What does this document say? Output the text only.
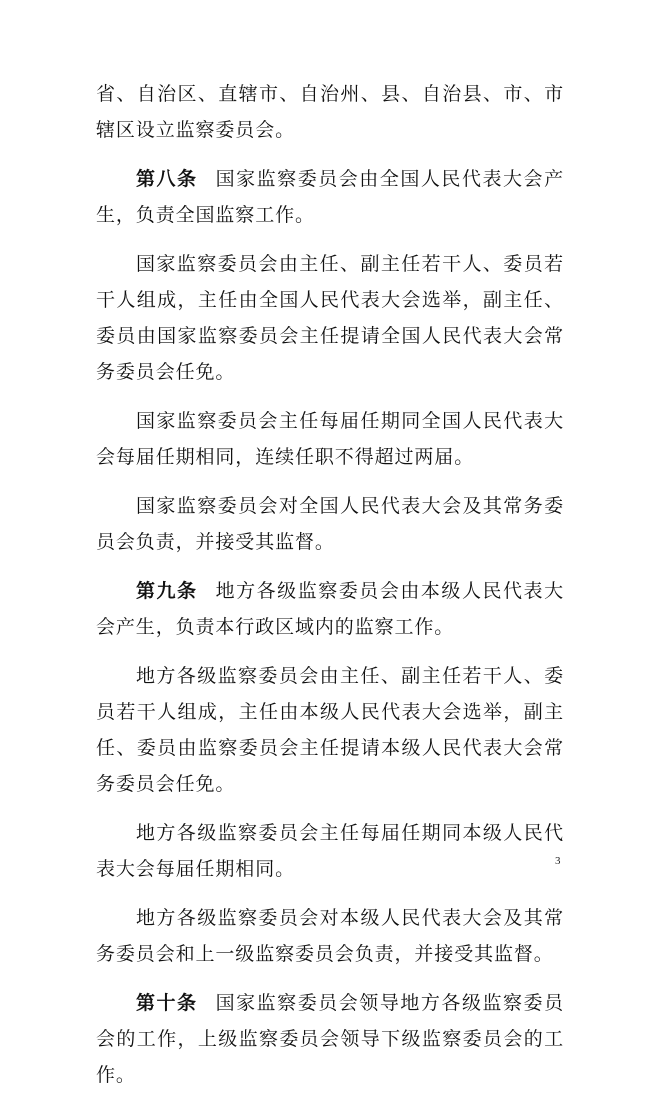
省、自治区、直辖市、自治州、县、自治县、市、市辖区设立监察委员会。

第八条 国家监察委员会由全国人民代表大会产生，负责全国监察工作。

国家监察委员会由主任、副主任若干人、委员若干人组成，主任由全国人民代表大会选举，副主任、委员由国家监察委员会主任提请全国人民代表大会常务委员会任免。

国家监察委员会主任每届任期同全国人民代表大会每届任期相同，连续任职不得超过两届。

国家监察委员会对全国人民代表大会及其常务委员会负责，并接受其监督。

第九条 地方各级监察委员会由本级人民代表大会产生，负责本行政区域内的监察工作。

地方各级监察委员会由主任、副主任若干人、委员若干人组成，主任由本级人民代表大会选举，副主任、委员由监察委员会主任提请本级人民代表大会常务委员会任免。

地方各级监察委员会主任每届任期同本级人民代表大会每届任期相同。

地方各级监察委员会对本级人民代表大会及其常务委员会和上一级监察委员会负责，并接受其监督。

第十条 国家监察委员会领导地方各级监察委员会的工作，上级监察委员会领导下级监察委员会的工作。

3
